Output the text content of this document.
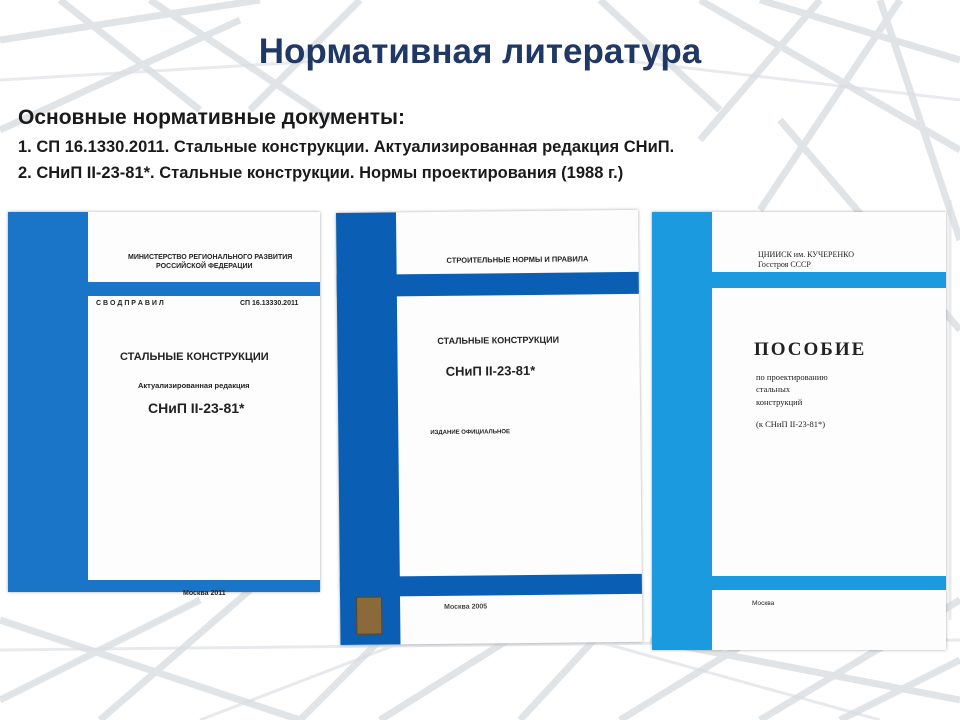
Нормативная литература
Основные нормативные документы:
1. СП 16.1330.2011. Стальные конструкции. Актуализированная редакция СНиП.
2. СНиП II-23-81*. Стальные конструкции. Нормы проектирования (1988 г.)
МИНИСТЕРСТВО РЕГИОНАЛЬНОГО РАЗВИТИЯ
РОССИЙСКОЙ ФЕДЕРАЦИИ
С В О Д П Р А В И Л	СП 16.13330.2011
СТАЛЬНЫЕ КОНСТРУКЦИИ
Актуализированная редакция
СНиП II-23-81*
Москва 2011
СТРОИТЕЛЬНЫЕ НОРМЫ И ПРАВИЛА
СТАЛЬНЫЕ КОНСТРУКЦИИ
СНиП II-23-81*
ИЗДАНИЕ ОФИЦИАЛЬНОЕ
Москва 2005
ЦНИИСК им. КУЧЕРЕНКО
Госстроя СССР
ПОСОБИЕ
по проектированию
стальных
конструкций
(к СНиП II-23-81*)
Москва
